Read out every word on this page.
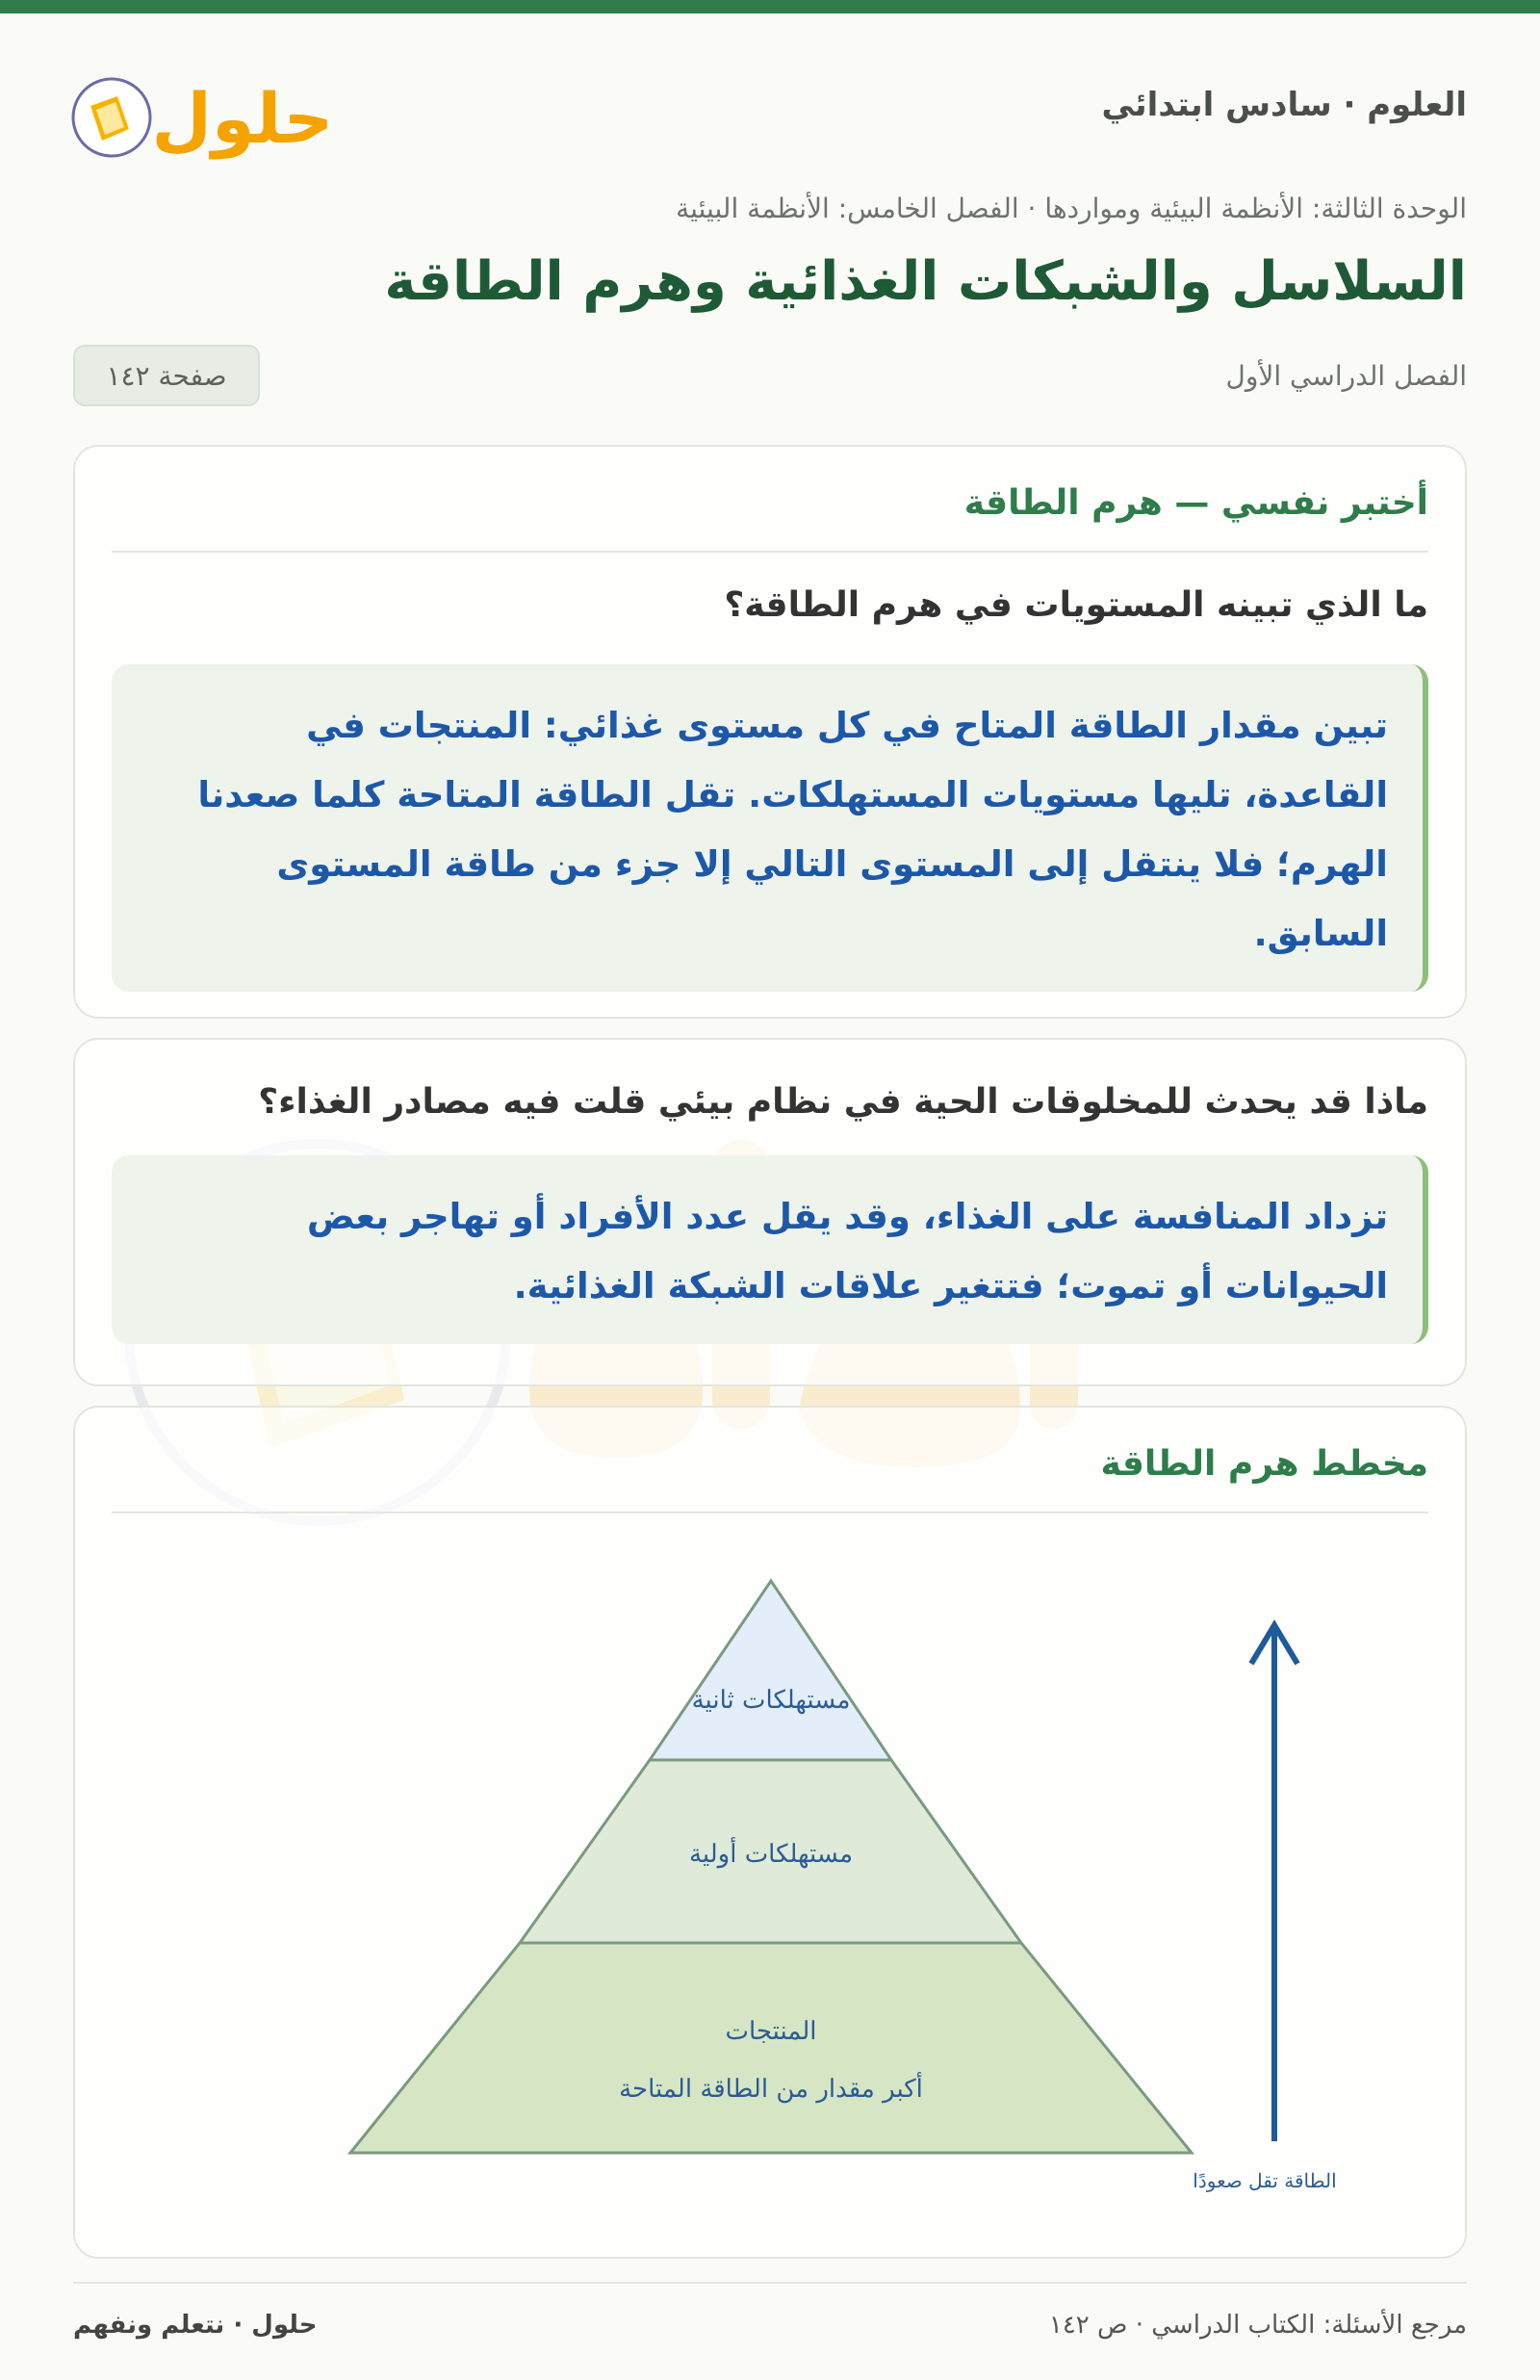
العلوم · سادس ابتدائي
حلول
الوحدة الثالثة: الأنظمة البيئية ومواردها · الفصل الخامس: الأنظمة البيئية
السلاسل والشبكات الغذائية وهرم الطاقة
الفصل الدراسي الأول
صفحة ١٤٢
أختبر نفسي — هرم الطاقة
ما الذي تبينه المستويات في هرم الطاقة؟
تبين مقدار الطاقة المتاح في كل مستوى غذائي: المنتجات في القاعدة، تليها مستويات المستهلكات. تقل الطاقة المتاحة كلما صعدنا الهرم؛ فلا ينتقل إلى المستوى التالي إلا جزء من طاقة المستوى السابق.
ماذا قد يحدث للمخلوقات الحية في نظام بيئي قلت فيه مصادر الغذاء؟
تزداد المنافسة على الغذاء، وقد يقل عدد الأفراد أو تهاجر بعض الحيوانات أو تموت؛ فتتغير علاقات الشبكة الغذائية.
مخطط هرم الطاقة
مستهلكات ثانية
مستهلكات أولية
المنتجات
أكبر مقدار من الطاقة المتاحة
الطاقة تقل صعودًا
مرجع الأسئلة: الكتاب الدراسي · ص ١٤٢
حلول · نتعلم ونفهم
